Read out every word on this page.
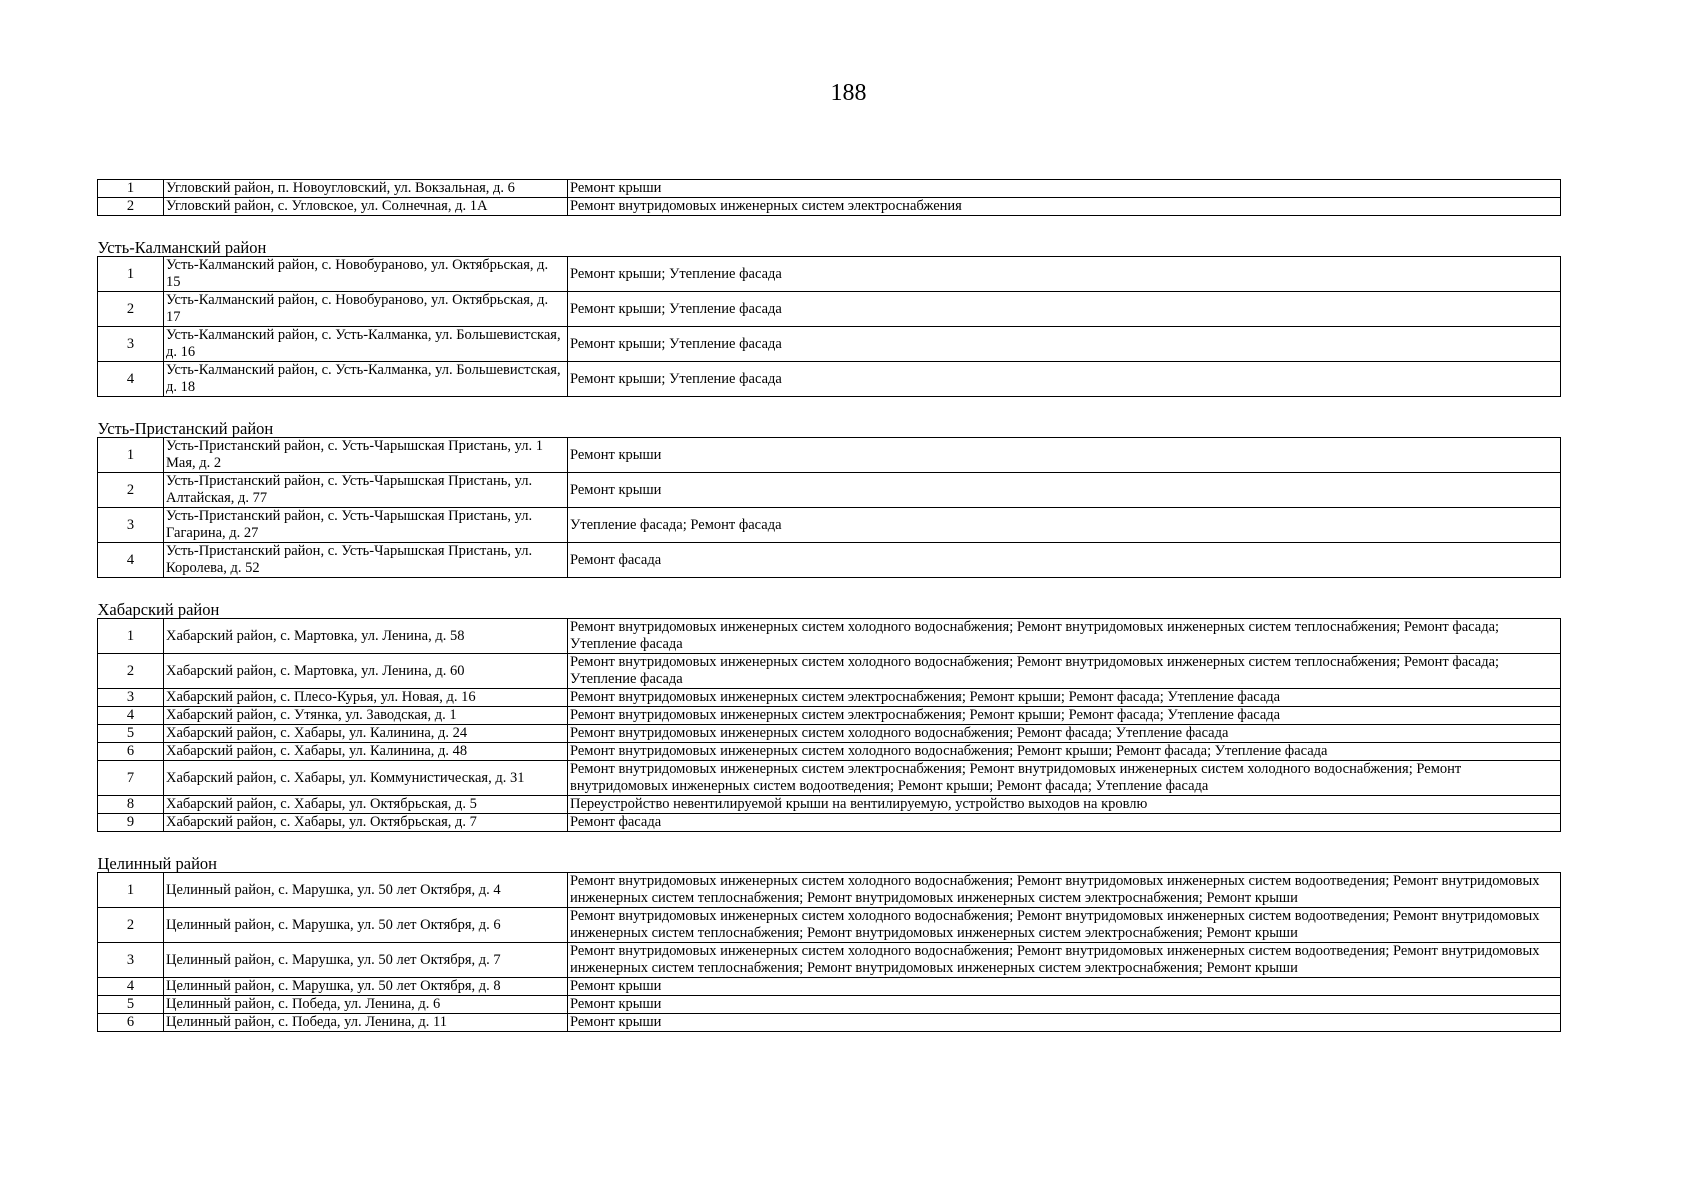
188
1	Угловский район, п. Новоугловский, ул. Вокзальная, д. 6	Ремонт крыши
2	Угловский район, с. Угловское, ул. Солнечная, д. 1А	Ремонт внутридомовых инженерных систем электроснабжения
Усть-Калманский район		
1	Усть-Калманский район, с. Новобураново, ул. Октябрьская, д. 15	Ремонт крыши; Утепление фасада
2	Усть-Калманский район, с. Новобураново, ул. Октябрьская, д. 17	Ремонт крыши; Утепление фасада
3	Усть-Калманский район, с. Усть-Калманка, ул. Большевистская, д. 16	Ремонт крыши; Утепление фасада
4	Усть-Калманский район, с. Усть-Калманка, ул. Большевистская, д. 18	Ремонт крыши; Утепление фасада
Усть-Пристанский район		
1	Усть-Пристанский район, с. Усть-Чарышская Пристань, ул. 1 Мая, д. 2	Ремонт крыши
2	Усть-Пристанский район, с. Усть-Чарышская Пристань, ул. Алтайская, д. 77	Ремонт крыши
3	Усть-Пристанский район, с. Усть-Чарышская Пристань, ул. Гагарина, д. 27	Утепление фасада; Ремонт фасада
4	Усть-Пристанский район, с. Усть-Чарышская Пристань, ул. Королева, д. 52	Ремонт фасада
Хабарский район		
1	Хабарский район, с. Мартовка, ул. Ленина, д. 58	Ремонт внутридомовых инженерных систем холодного водоснабжения; Ремонт внутридомовых инженерных систем теплоснабжения; Ремонт фасада; Утепление фасада
2	Хабарский район, с. Мартовка, ул. Ленина, д. 60	Ремонт внутридомовых инженерных систем холодного водоснабжения; Ремонт внутридомовых инженерных систем теплоснабжения; Ремонт фасада; Утепление фасада
3	Хабарский район, с. Плесо-Курья, ул. Новая, д. 16	Ремонт внутридомовых инженерных систем электроснабжения; Ремонт крыши; Ремонт фасада; Утепление фасада
4	Хабарский район, с. Утянка, ул. Заводская, д. 1	Ремонт внутридомовых инженерных систем электроснабжения; Ремонт крыши; Ремонт фасада; Утепление фасада
5	Хабарский район, с. Хабары, ул. Калинина, д. 24	Ремонт внутридомовых инженерных систем холодного водоснабжения; Ремонт фасада; Утепление фасада
6	Хабарский район, с. Хабары, ул. Калинина, д. 48	Ремонт внутридомовых инженерных систем холодного водоснабжения; Ремонт крыши; Ремонт фасада; Утепление фасада
7	Хабарский район, с. Хабары, ул. Коммунистическая, д. 31	Ремонт внутридомовых инженерных систем электроснабжения; Ремонт внутридомовых инженерных систем холодного водоснабжения; Ремонт внутридомовых инженерных систем водоотведения; Ремонт крыши; Ремонт фасада; Утепление фасада
8	Хабарский район, с. Хабары, ул. Октябрьская, д. 5	Переустройство невентилируемой крыши на вентилируемую, устройство выходов на кровлю
9	Хабарский район, с. Хабары, ул. Октябрьская, д. 7	Ремонт фасада
Целинный район		
1	Целинный район, с. Марушка, ул. 50 лет Октября, д. 4	Ремонт внутридомовых инженерных систем холодного водоснабжения; Ремонт внутридомовых инженерных систем водоотведения; Ремонт внутридомовых инженерных систем теплоснабжения; Ремонт внутридомовых инженерных систем электроснабжения; Ремонт крыши
2	Целинный район, с. Марушка, ул. 50 лет Октября, д. 6	Ремонт внутридомовых инженерных систем холодного водоснабжения; Ремонт внутридомовых инженерных систем водоотведения; Ремонт внутридомовых инженерных систем теплоснабжения; Ремонт внутридомовых инженерных систем электроснабжения; Ремонт крыши
3	Целинный район, с. Марушка, ул. 50 лет Октября, д. 7	Ремонт внутридомовых инженерных систем холодного водоснабжения; Ремонт внутридомовых инженерных систем водоотведения; Ремонт внутридомовых инженерных систем теплоснабжения; Ремонт внутридомовых инженерных систем электроснабжения; Ремонт крыши
4	Целинный район, с. Марушка, ул. 50 лет Октября, д. 8	Ремонт крыши
5	Целинный район, с. Победа, ул. Ленина, д. 6	Ремонт крыши
6	Целинный район, с. Победа, ул. Ленина, д. 11	Ремонт крыши
